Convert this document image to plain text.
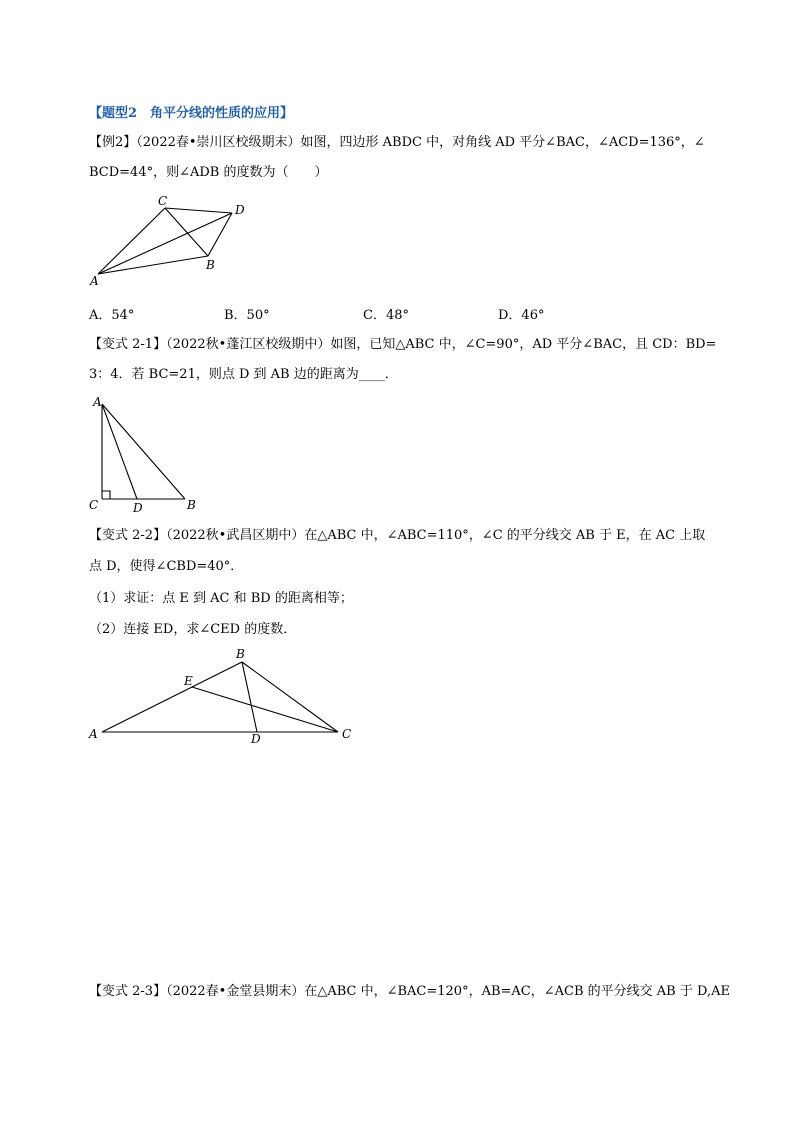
【题型2　角平分线的性质的应用】
【例2】（2022春•崇川区校级期末）如图，四边形 ABDC 中，对角线 AD 平分∠BAC，∠ACD=136°，∠
BCD=44°，则∠ADB 的度数为（　　）
A
C
D
B
A．54°	B．50°	C．48°	D．46°
【变式 2-1】（2022秋•蓬江区校级期中）如图，已知△ABC 中，∠C=90°，AD 平分∠BAC，且 CD：BD=
3：4．若 BC=21，则点 D 到 AB 边的距离为____．
A
C	D	B
【变式 2-2】（2022秋•武昌区期中）在△ABC 中，∠ABC=110°，∠C 的平分线交 AB 于 E，在 AC 上取
点 D，使得∠CBD=40°．
（1）求证：点 E 到 AC 和 BD 的距离相等；
（2）连接 ED，求∠CED 的度数．
A
B
E
D	C
【变式 2-3】（2022春•金堂县期末）在△ABC 中，∠BAC=120°，AB=AC，∠ACB 的平分线交 AB 于 D,AE
